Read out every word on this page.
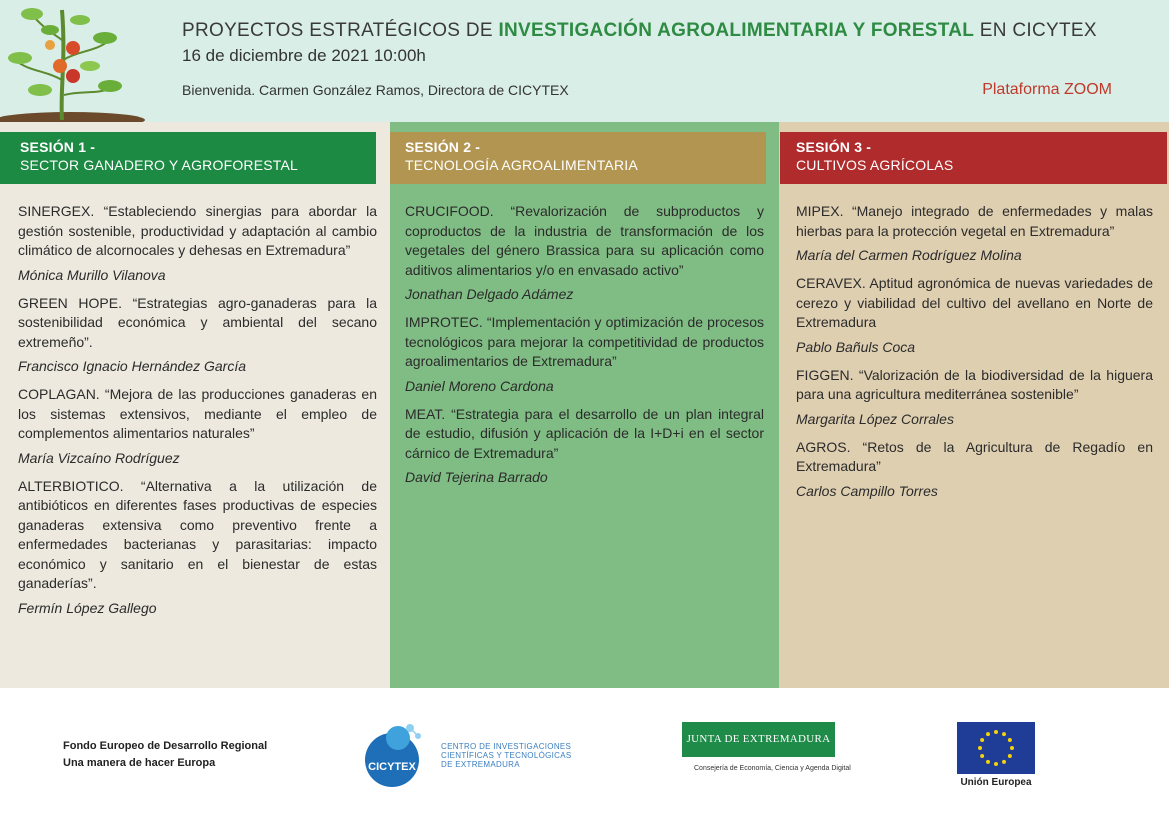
PROYECTOS ESTRATÉGICOS DE INVESTIGACIÓN AGROALIMENTARIA Y FORESTAL EN CICYTEX
16 de diciembre de 2021 10:00h
Bienvenida. Carmen González Ramos, Directora de CICYTEX	Plataforma ZOOM
SESIÓN 1 -
SECTOR GANADERO Y AGROFORESTAL
SINERGEX. “Estableciendo sinergias para abordar la gestión sostenible, productividad y adaptación al cambio climático de alcornocales y dehesas en Extremadura”
Mónica Murillo Vilanova
GREEN HOPE. “Estrategias agro-ganaderas para la sostenibilidad económica y ambiental del secano extremeño”.
Francisco Ignacio Hernández García
COPLAGAN. “Mejora de las producciones ganaderas en los sistemas extensivos, mediante el empleo de complementos alimentarios naturales”
María Vizcaíno Rodríguez
ALTERBIOTICO. “Alternativa a la utilización de antibióticos en diferentes fases productivas de especies ganaderas extensiva como preventivo frente a enfermedades bacterianas y parasitarias: impacto económico y sanitario en el bienestar de estas ganaderías”.
Fermín López Gallego
SESIÓN 2 -
TECNOLOGÍA AGROALIMENTARIA
CRUCIFOOD. “Revalorización de subproductos y coproductos de la industria de transformación de los vegetales del género Brassica para su aplicación como aditivos alimentarios y/o en envasado activo”
Jonathan Delgado Adámez
IMPROTEC. “Implementación y optimización de procesos tecnológicos para mejorar la competitividad de productos agroalimentarios de Extremadura”
Daniel Moreno Cardona
MEAT. “Estrategia para el desarrollo de un plan integral de estudio, difusión y aplicación de la I+D+i en el sector cárnico de Extremadura”
David Tejerina Barrado
SESIÓN 3 -
CULTIVOS AGRÍCOLAS
MIPEX. “Manejo integrado de enfermedades y malas hierbas para la protección vegetal en Extremadura”
María del Carmen Rodríguez Molina
CERAVEX. Aptitud agronómica de nuevas variedades de cerezo y viabilidad del cultivo del avellano en Norte de Extremadura
Pablo Bañuls Coca
FIGGEN. “Valorización de la biodiversidad de la higuera para una agricultura mediterránea sostenible”
Margarita López Corrales
AGROS. “Retos de la Agricultura de Regadío en Extremadura”
Carlos Campillo Torres
Fondo Europeo de Desarrollo Regional
Una manera de hacer Europa	CICYTEX
CENTRO DE INVESTIGACIONES
CIENTÍFICAS Y TECNOLÓGICAS
DE EXTREMADURA
JUNTA DE EXTREMADURA
Consejería de Economía, Ciencia y Agenda Digital
Unión Europea
